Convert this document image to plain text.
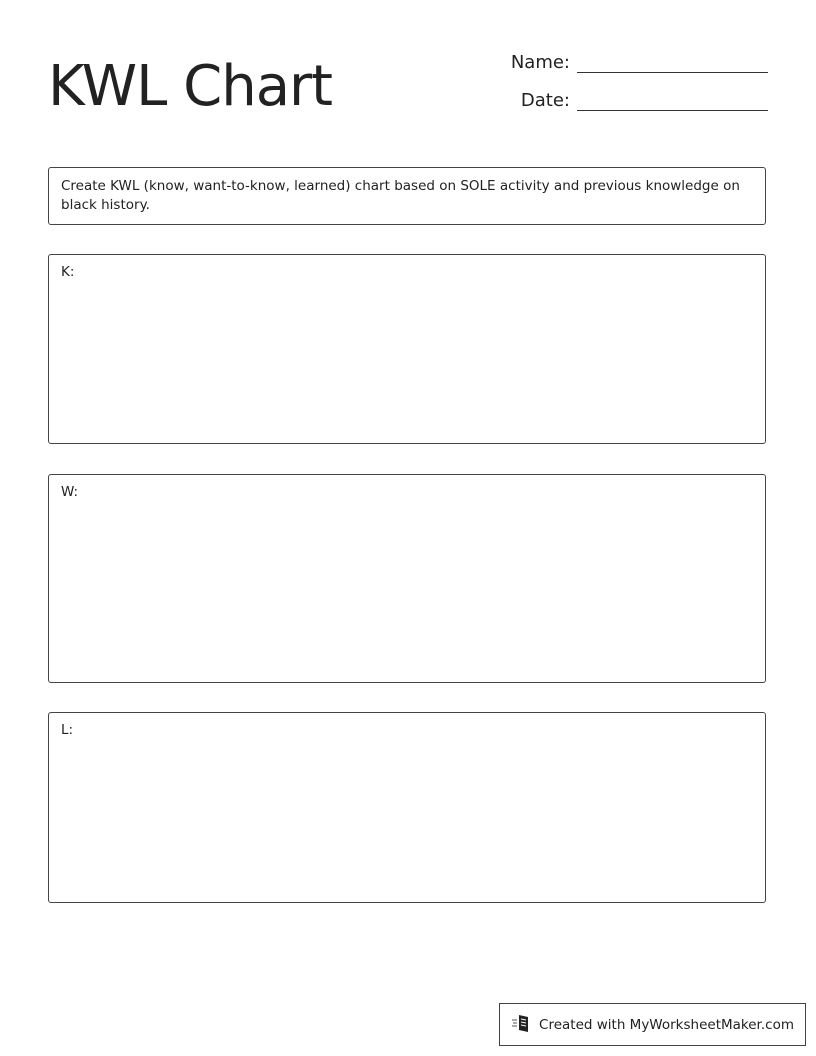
KWL Chart	Name:
Date:
Create KWL (know, want-to-know, learned) chart based on SOLE activity and previous knowledge on black history.
K:
W:
L:
Created with MyWorksheetMaker.com
